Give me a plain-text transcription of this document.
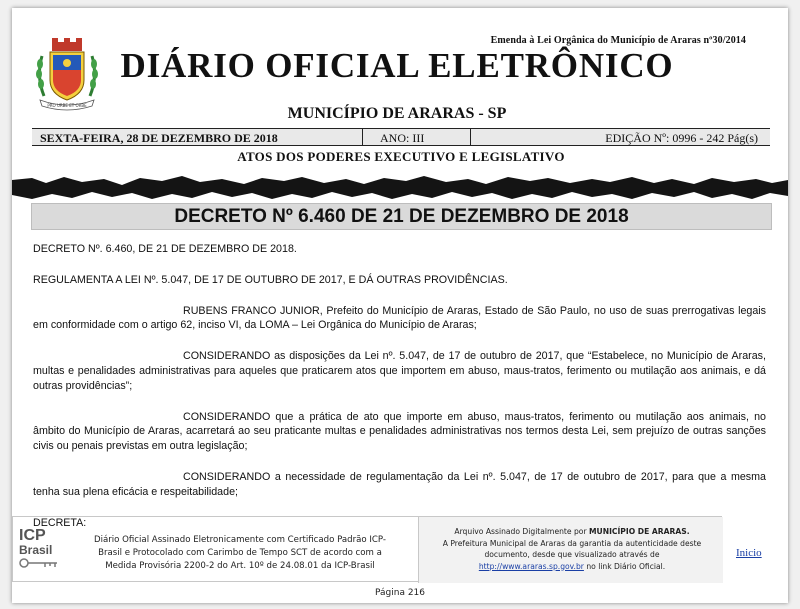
PRO URBE ET ORBE
Emenda à Lei Orgânica do Município de Araras nº30/2014
DIÁRIO OFICIAL ELETRÔNICO
MUNICÍPIO DE ARARAS - SP
SEXTA-FEIRA, 28 DE DEZEMBRO DE 2018	ANO: III	EDIÇÃO Nº: 0996 - 242 Pág(s)
ATOS DOS PODERES EXECUTIVO E LEGISLATIVO
DECRETO Nº 6.460 DE 21 DE DEZEMBRO DE 2018

DECRETO Nº. 6.460, DE 21 DE DEZEMBRO DE 2018.

REGULAMENTA A LEI Nº. 5.047, DE 17 DE OUTUBRO DE 2017, E DÁ OUTRAS PROVIDÊNCIAS.

RUBENS FRANCO JUNIOR, Prefeito do Município de Araras, Estado de São Paulo, no uso de suas prerrogativas legais em conformidade com o artigo 62, inciso VI, da LOMA – Lei Orgânica do Município de Araras;

CONSIDERANDO as disposições da Lei nº. 5.047, de 17 de outubro de 2017, que “Estabelece, no Município de Araras, multas e penalidades administrativas para aqueles que praticarem atos que importem em abuso, maus-tratos, ferimento ou mutilação aos animais, e dá outras providências”;

CONSIDERANDO que a prática de ato que importe em abuso, maus-tratos, ferimento ou mutilação aos animais, no âmbito do Município de Araras, acarretará ao seu praticante multas e penalidades administrativas nos termos desta Lei, sem prejuízo de outras sanções civis ou penais previstas em outra legislação;

CONSIDERANDO a necessidade de regulamentação da Lei nº. 5.047, de 17 de outubro de 2017, para que a mesma tenha sua plena eficácia e respeitabilidade;

DECRETA:

ICP
Brasil
Diário Oficial Assinado Eletronicamente com Certificado Padrão ICP-
Brasil e Protocolado com Carimbo de Tempo SCT de acordo com a
Medida Provisória 2200-2 do Art. 10º de 24.08.01 da ICP-Brasil
Arquivo Assinado Digitalmente por MUNICÍPIO DE ARARAS.
A Prefeitura Municipal de Araras da garantia da autenticidade deste
documento, desde que visualizado através de
http://www.araras.sp.gov.br no link Diário Oficial.
Inicio
Página 216
